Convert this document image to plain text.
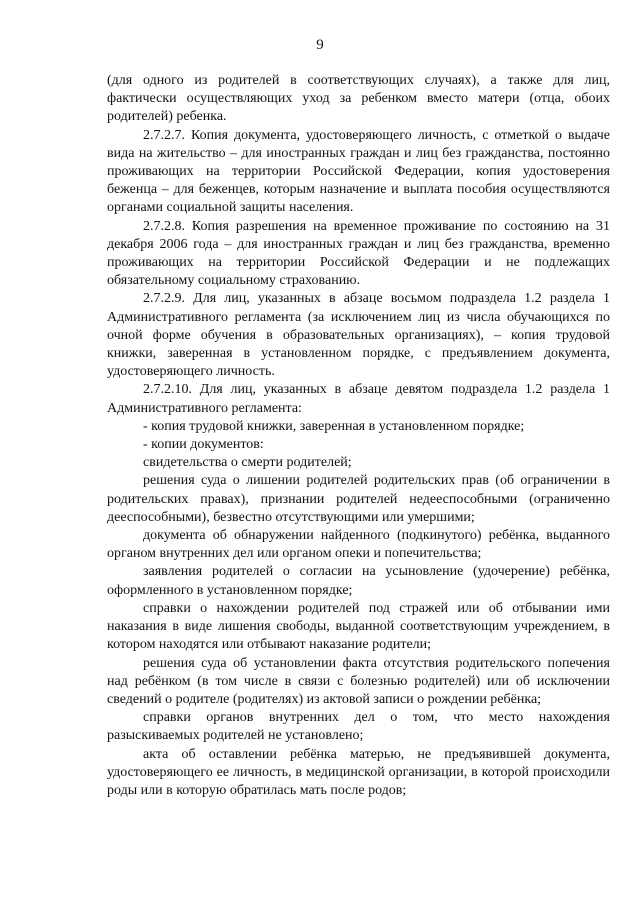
9

(для одного из родителей в соответствующих случаях), а также для лиц, фактически осуществляющих уход за ребенком вместо матери (отца, обоих родителей) ребенка.

2.7.2.7. Копия документа, удостоверяющего личность, с отметкой о выдаче вида на жительство – для иностранных граждан и лиц без гражданства, постоянно проживающих на территории Российской Федерации, копия удостоверения беженца – для беженцев, которым назначение и выплата пособия осуществляются органами социальной защиты населения.

2.7.2.8. Копия разрешения на временное проживание по состоянию на 31 декабря 2006 года – для иностранных граждан и лиц без гражданства, временно проживающих на территории Российской Федерации и не подлежащих обязательному социальному страхованию.

2.7.2.9. Для лиц, указанных в абзаце восьмом подраздела 1.2 раздела 1 Административного регламента (за исключением лиц из числа обучающихся по очной форме обучения в образовательных организациях), – копия трудовой книжки, заверенная в установленном порядке, с предъявлением документа, удостоверяющего личность.

2.7.2.10. Для лиц, указанных в абзаце девятом подраздела 1.2 раздела 1 Административного регламента:

- копия трудовой книжки, заверенная в установленном порядке;

- копии документов:

свидетельства о смерти родителей;

решения суда о лишении родителей родительских прав (об ограничении в родительских правах), признании родителей недееспособными (ограниченно дееспособными), безвестно отсутствующими или умершими;

документа об обнаружении найденного (подкинутого) ребёнка, выданного органом внутренних дел или органом опеки и попечительства;

заявления родителей о согласии на усыновление (удочерение) ребёнка, оформленного в установленном порядке;

справки о нахождении родителей под стражей или об отбывании ими наказания в виде лишения свободы, выданной соответствующим учреждением, в котором находятся или отбывают наказание родители;

решения суда об установлении факта отсутствия родительского попечения над ребёнком (в том числе в связи с болезнью родителей) или об исключении сведений о родителе (родителях) из актовой записи о рождении ребёнка;

справки органов внутренних дел о том, что место нахождения разыскиваемых родителей не установлено;

акта об оставлении ребёнка матерью, не предъявившей документа, удостоверяющего ее личность, в медицинской организации, в которой происходили роды или в которую обратилась мать после родов;
